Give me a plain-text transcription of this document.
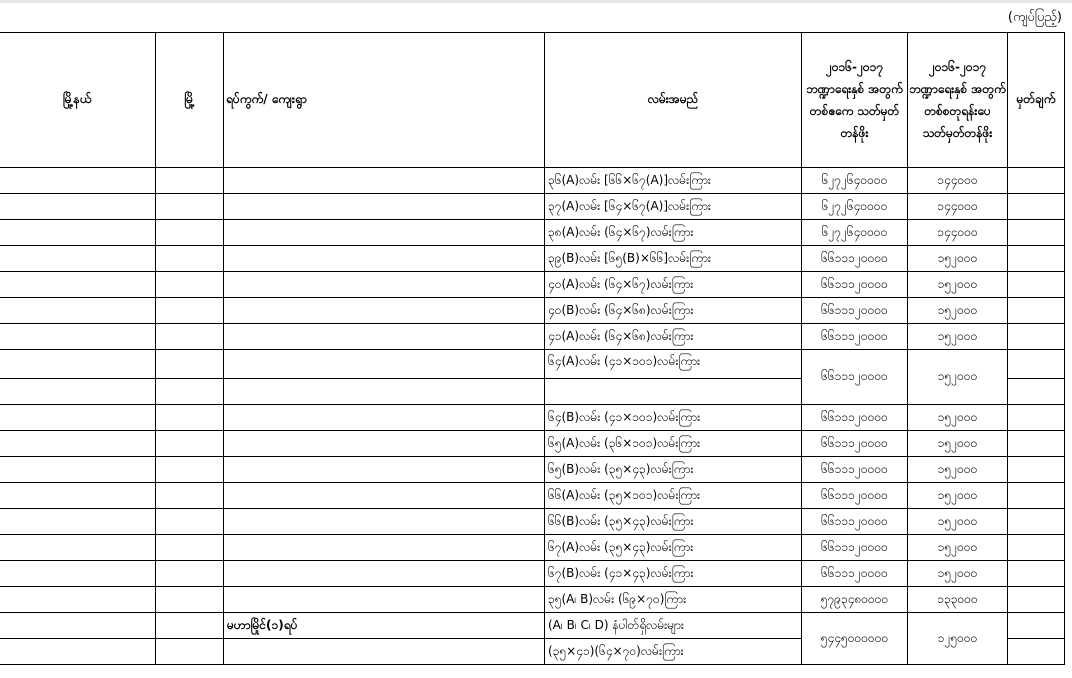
(ကျပ်ပြည့်)
မြို့နယ်	မြို့	ရပ်ကွက်/ ကျေးရွာ	လမ်းအမည်	၂၀၁၆-၂၀၁၇ ဘဏ္ဍာရေးနှစ် အတွက် တစ်ဧကေ သတ်မှတ်တန်ဖိုး	၂၀၁၆-၂၀၁၇ ဘဏ္ဍာရေးနှစ် အတွက် တစ်စတုရန်းပေ သတ်မှတ်တန်ဖိုး	မှတ်ချက်
			၃၆(A)လမ်း [၆၆×၆၇(A)]လမ်းကြား	၆၂၇၂၆၄၀၀၀၀	၁၄၄၀၀၀	
			၃၇(A)လမ်း [၆၄×၆၇(A)]လမ်းကြား	၆၂၇၂၆၄၀၀၀၀	၁၄၄၀၀၀	
			၃၈(A)လမ်း (၆၄×၆၇)လမ်းကြား	၆၂၇၂၆၄၀၀၀၀	၁၄၄၀၀၀	
			၃၉(B)လမ်း [၆၅(B)×၆၆]လမ်းကြား	၆၆၁၁၁၂၀၀၀၀	၁၅၂၀၀၀	
			၄၀(A)လမ်း (၆၄×၆၇)လမ်းကြား	၆၆၁၁၁၂၀၀၀၀	၁၅၂၀၀၀	
			၄၀(B)လမ်း (၆၄×၆၈)လမ်းကြား	၆၆၁၁၁၂၀၀၀၀	၁၅၂၀၀၀	
			၄၁(A)လမ်း (၆၄×၆၈)လမ်းကြား	၆၆၁၁၁၂၀၀၀၀	၁၅၂၀၀၀	
			၆၄(A)လမ်း (၄၁×၁၀၁)လမ်းကြား	၆၆၁၁၁၂၀၀၀၀	၁၅၂၀၀၀	

			၆၄(B)လမ်း (၄၁×၁၀၁)လမ်းကြား	၆၆၁၁၁၂၀၀၀၀	၁၅၂၀၀၀	
			၆၅(A)လမ်း (၃၆×၁၀၁)လမ်းကြား	၆၆၁၁၁၂၀၀၀၀	၁၅၂၀၀၀	
			၆၅(B)လမ်း (၃၅×၄၃)လမ်းကြား	၆၆၁၁၁၂၀၀၀၀	၁၅၂၀၀၀	
			၆၆(A)လမ်း (၃၅×၁၀၁)လမ်းကြား	၆၆၁၁၁၂၀၀၀၀	၁၅၂၀၀၀	
			၆၆(B)လမ်း (၃၅×၄၃)လမ်းကြား	၆၆၁၁၁၂၀၀၀၀	၁၅၂၀၀၀	
			၆၇(A)လမ်း (၃၅×၄၃)လမ်းကြား	၆၆၁၁၁၂၀၀၀၀	၁၅၂၀၀၀	
			၆၇(B)လမ်း (၄၁×၄၃)လမ်းကြား	၆၆၁၁၁၂၀၀၀၀	၁၅၂၀၀၀	
			၃၅(A၊ B)လမ်း (၆၉×၇၀)ကြား	၅၇၉၃၄၈၀၀၀၀	၁၃၃၀၀၀	
		မဟာမြိုင်(၁)ရပ်	(A၊ B၊ C၊ D) နံပါတ်ရှိလမ်းများ	၅၄၄၅၀၀၀၀၀၀	၁၂၅၀၀၀	
			(၃၅×၄၁)(၆၄×၇၀)လမ်းကြား			
